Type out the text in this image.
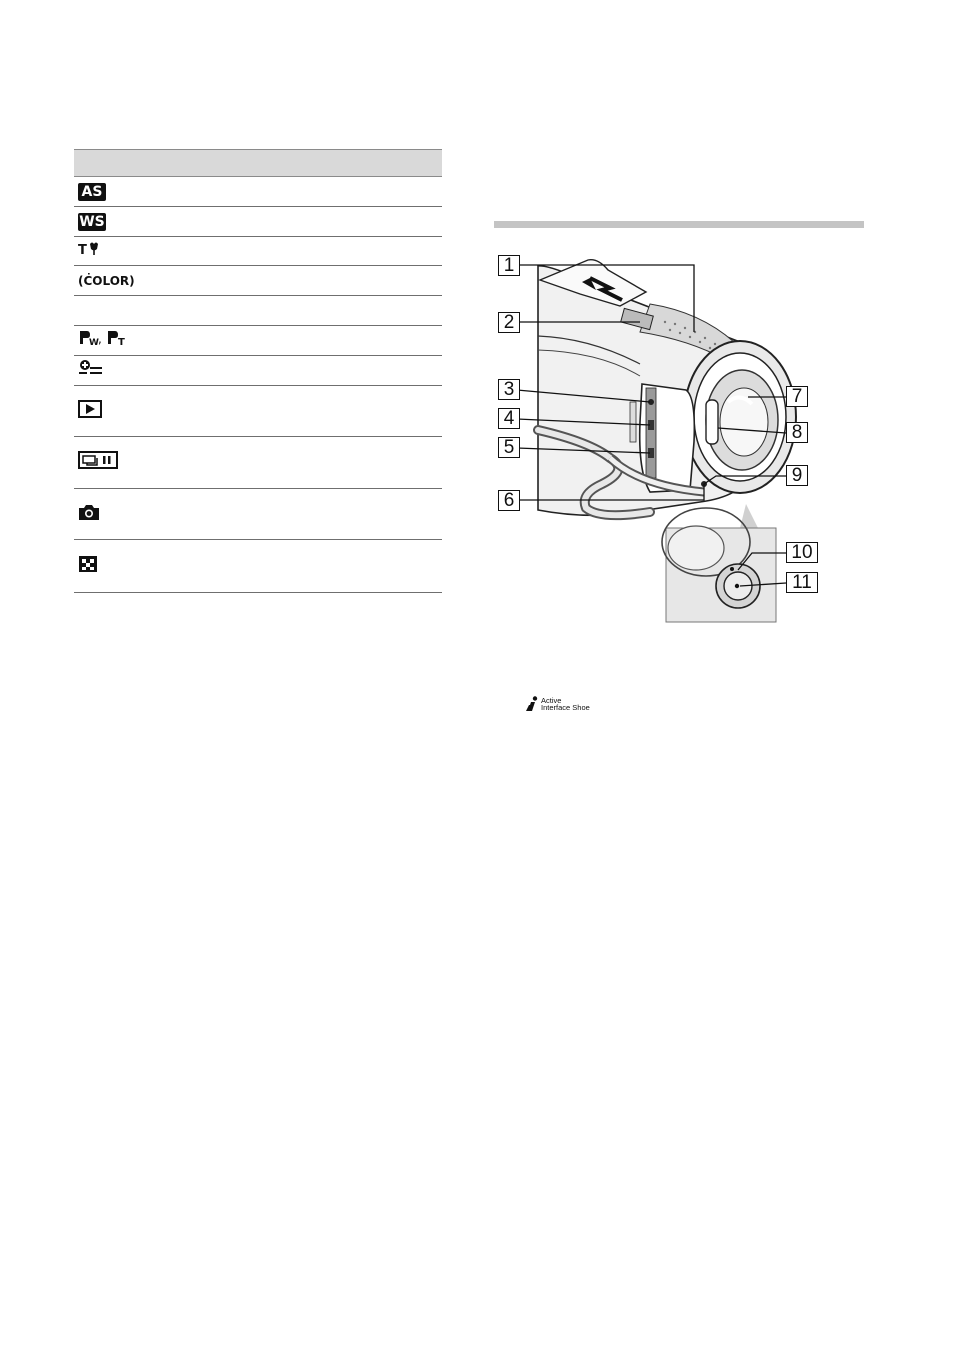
AS
WS
T
(ĊOLOR)
W , T
1
2
3
4
5
6
7
8
9
10
11
Active
Interface Shoe
